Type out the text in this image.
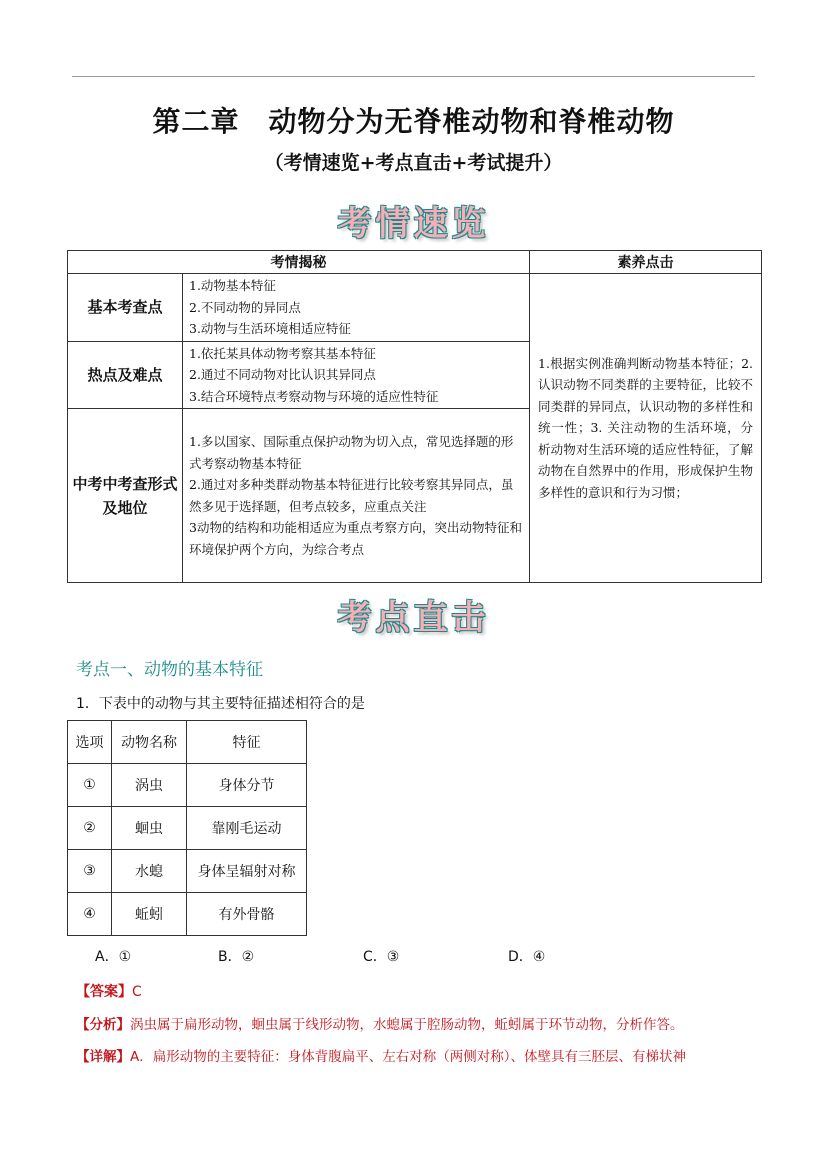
第二章　动物分为无脊椎动物和脊椎动物
（考情速览+考点直击+考试提升）
考情速览
考情揭秘		素养点击
基本考查点	1.动物基本特征
2.不同动物的异同点
3.动物与生活环境相适应特征	1.根据实例准确判断动物基本特征；2.认识动物不同类群的主要特征，比较不同类群的异同点，认识动物的多样性和统一性；3. 关注动物的生活环境，分析动物对生活环境的适应性特征，了解动物在自然界中的作用，形成保护生物多样性的意识和行为习惯；
热点及难点	1.依托某具体动物考察其基本特征
2.通过不同动物对比认识其异同点
3.结合环境特点考察动物与环境的适应性特征	

中考中考查形式及地位	1.多以国家、国际重点保护动物为切入点，常见选择题的形式考察动物基本特征
2.通过对多种类群动物基本特征进行比较考察其异同点，虽然多见于选择题，但考点较多，应重点关注
3动物的结构和功能相适应为重点考察方向，突出动物特征和环境保护两个方向，为综合考点	
考点直击
考点一、动物的基本特征
1．下表中的动物与其主要特征描述相符合的是
选项	动物名称	特征
①	涡虫	身体分节
②	蛔虫	靠刚毛运动
③	水螅	身体呈辐射对称
④	蚯蚓	有外骨骼
A．①	B．②	C．③	D．④
【答案】C
【分析】涡虫属于扁形动物，蛔虫属于线形动物，水螅属于腔肠动物，蚯蚓属于环节动物，分析作答。
【详解】A．扁形动物的主要特征：身体背腹扁平、左右对称（两侧对称）、体壁具有三胚层、有梯状神
